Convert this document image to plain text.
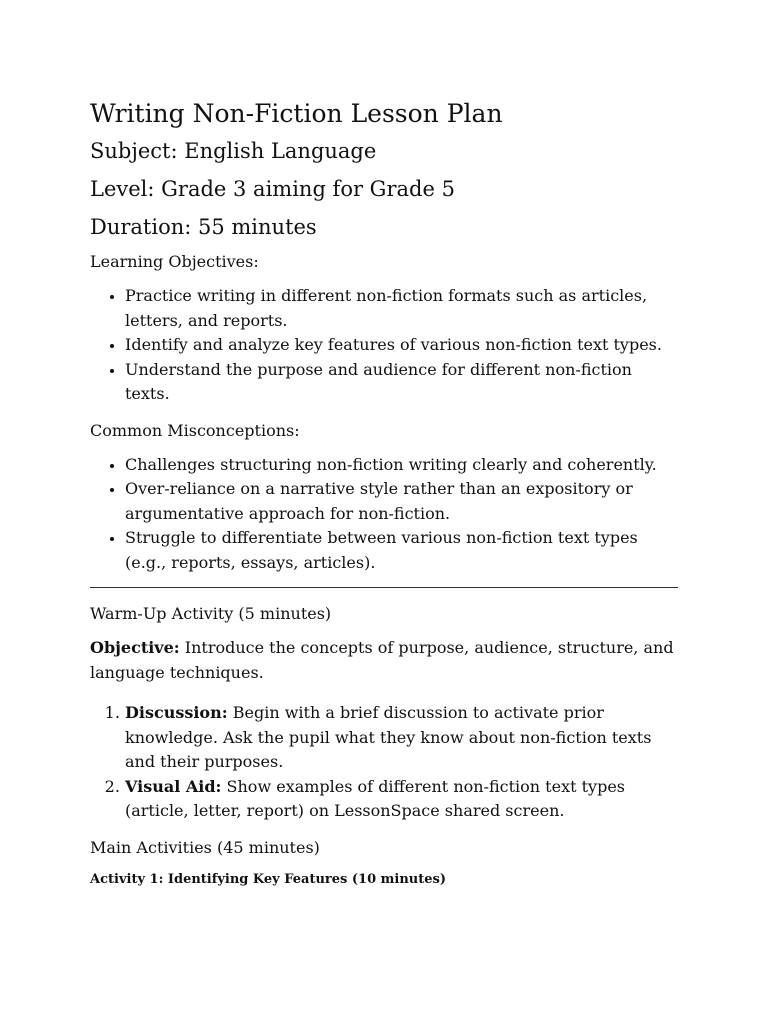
Writing Non-Fiction Lesson Plan
Subject: English Language
Level: Grade 3 aiming for Grade 5
Duration: 55 minutes

Learning Objectives:

• Practice writing in different non-fiction formats such as articles, letters, and reports.
• Identify and analyze key features of various non-fiction text types.
• Understand the purpose and audience for different non-fiction texts.

Common Misconceptions:

• Challenges structuring non-fiction writing clearly and coherently.
• Over-reliance on a narrative style rather than an expository or argumentative approach for non-fiction.
• Struggle to differentiate between various non-fiction text types (e.g., reports, essays, articles).

Warm-Up Activity (5 minutes)

Objective: Introduce the concepts of purpose, audience, structure, and language techniques.

1. Discussion: Begin with a brief discussion to activate prior knowledge. Ask the pupil what they know about non-fiction texts and their purposes.
2. Visual Aid: Show examples of different non-fiction text types (article, letter, report) on LessonSpace shared screen.

Main Activities (45 minutes)

Activity 1: Identifying Key Features (10 minutes)
